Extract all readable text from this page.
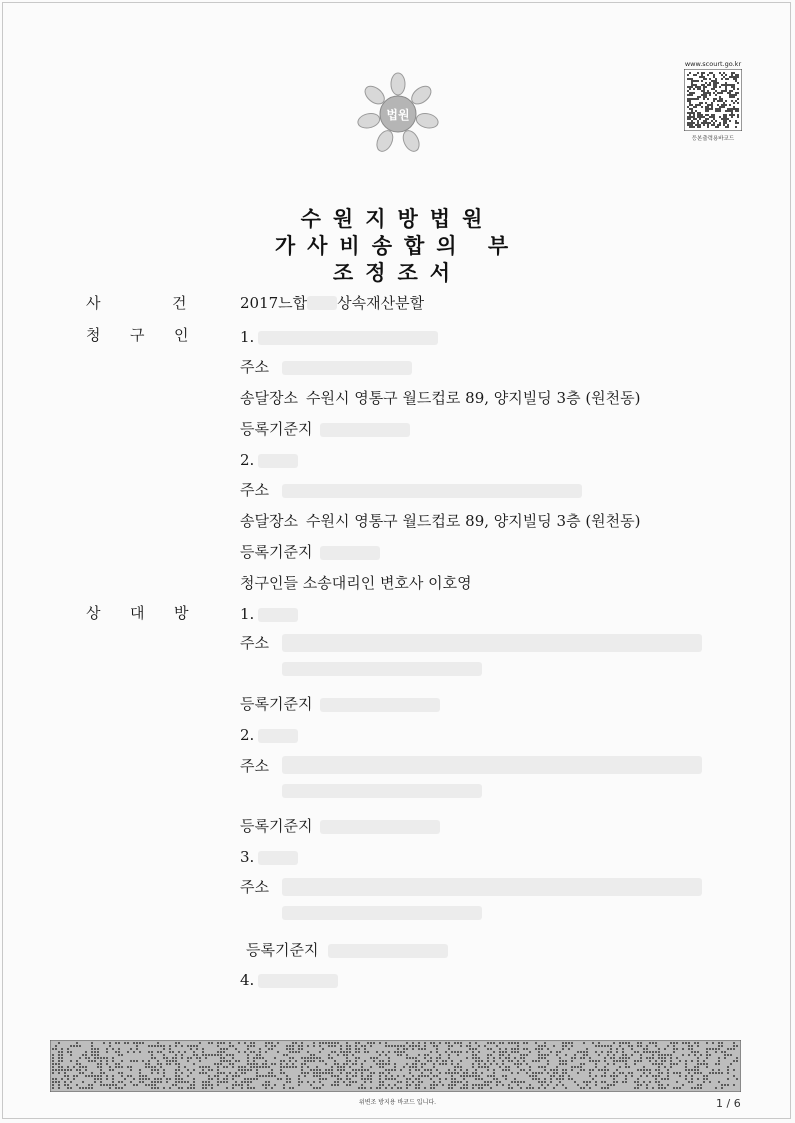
법원
www.scourt.go.kr
등본출력용바코드
수원지방법원
가사비송합의 부
조정조서
사	건	2017느합 상속재산분할
청 구 인	1.
주소
송달장소 수원시 영통구 월드컵로 89, 양지빌딩 3층 (원천동)
등록기준지
2.
주소
송달장소 수원시 영통구 월드컵로 89, 양지빌딩 3층 (원천동)
등록기준지
청구인들 소송대리인 변호사 이호영
상 대 방	1.
주소
등록기준지
2.
주소
등록기준지
3.
주소
등록기준지
4.
위변조 방지용 바코드 입니다.	1 / 6
